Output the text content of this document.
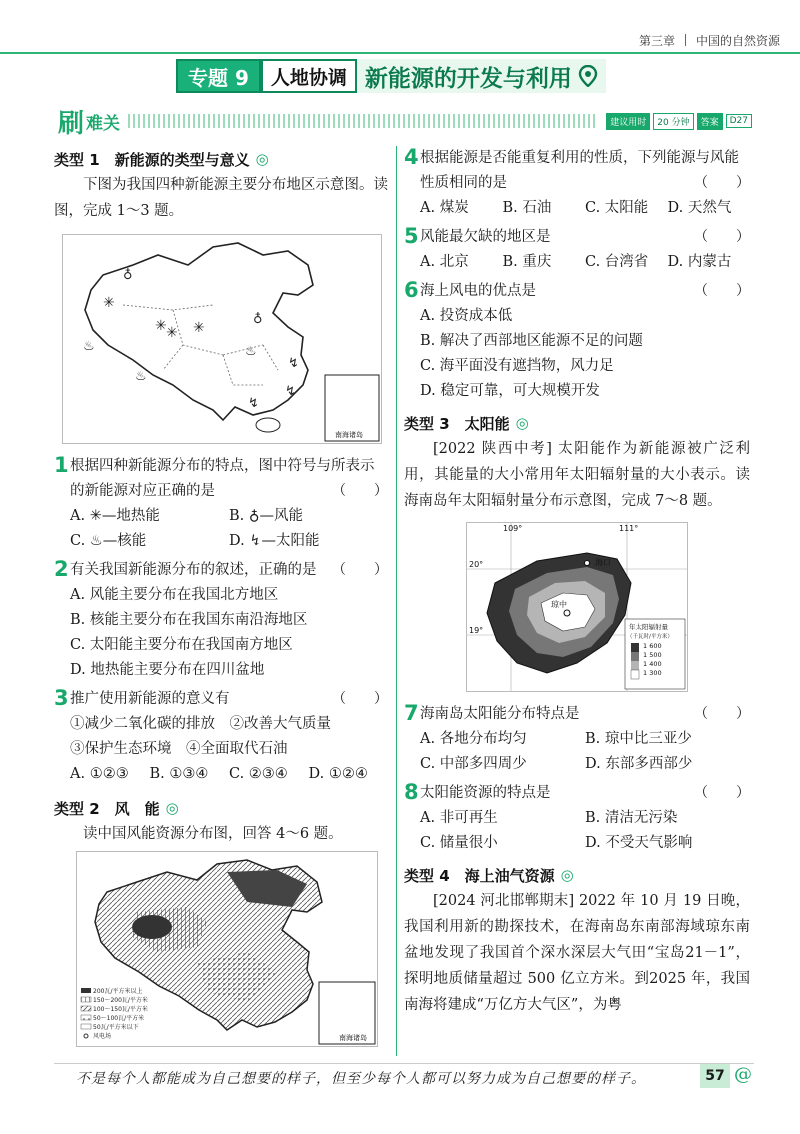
第三章 中国的自然资源
专题 9	人地协调 新能源的开发与利用
刷 难关	建议用时	20 分钟	答案	D27
类型 1　新能源的类型与意义 ◎

下图为我国四种新能源主要分布地区示意图。读图，完成 1～3 题。

南海诸岛
✳
✳ ✳ ✳
♁
♁
♨
♨
♨
↯
↯
↯
1 根据四种新能源分布的特点，图中符号与所表示的新能源对应正确的是	（　　）
A. ✳—地热能	B. ♁—风能
C. ♨—核能	D. ↯—太阳能
2 有关我国新能源分布的叙述，正确的是 （　　）
A. 风能主要分布在我国北方地区
B. 核能主要分布在我国东南沿海地区
C. 太阳能主要分布在我国南方地区
D. 地热能主要分布在四川盆地
3 推广使用新能源的意义有	（　　）
①减少二氧化碳的排放　②改善大气质量
③保护生态环境　④全面取代石油
A. ①②③	B. ①③④	C. ②③④	D. ①②④
类型 2　风　能 ◎

读中国风能资源分布图，回答 4～6 题。

南海诸岛
200瓦/平方米以上
150～200瓦/平方米
100～150瓦/平方米
50～100瓦/平方米
50瓦/平方米以下
风电场
4 根据能源是否能重复利用的性质，下列能源与风能性质相同的是	（　　）
A. 煤炭	B. 石油	C. 太阳能	D. 天然气
5 风能最欠缺的地区是	（　　）
A. 北京	B. 重庆	C. 台湾省	D. 内蒙古
6 海上风电的优点是	（　　）
A. 投资成本低
B. 解决了西部地区能源不足的问题
C. 海平面没有遮挡物，风力足
D. 稳定可靠，可大规模开发
类型 3　太阳能 ◎

[2022 陕西中考] 太阳能作为新能源被广泛利用，其能量的大小常用年太阳辐射量的大小表示。读海南岛年太阳辐射量分布示意图，完成 7～8 题。

海口
琼中
三亚
109°	111°
20°
19°	年太阳辐射量
（千瓦时/平方米）
1 600
1 500
1 400
1 300
7 海南岛太阳能分布特点是	（　　）
A. 各地分布均匀	B. 琼中比三亚少
C. 中部多四周少	D. 东部多西部少
8 太阳能资源的特点是	（　　）
A. 非可再生	B. 清洁无污染
C. 储量很小	D. 不受天气影响
类型 4　海上油气资源 ◎

[2024 河北邯郸期末] 2022 年 10 月 19 日晚，我国利用新的勘探技术，在海南岛东南部海域琼东南盆地发现了我国首个深水深层大气田“宝岛21－1”，探明地质储量超过 500 亿立方米。到2025 年，我国南海将建成“万亿方大气区”，为粤

不是每个人都能成为自己想要的样子，但至少每个人都可以努力成为自己想要的样子。	57 @
